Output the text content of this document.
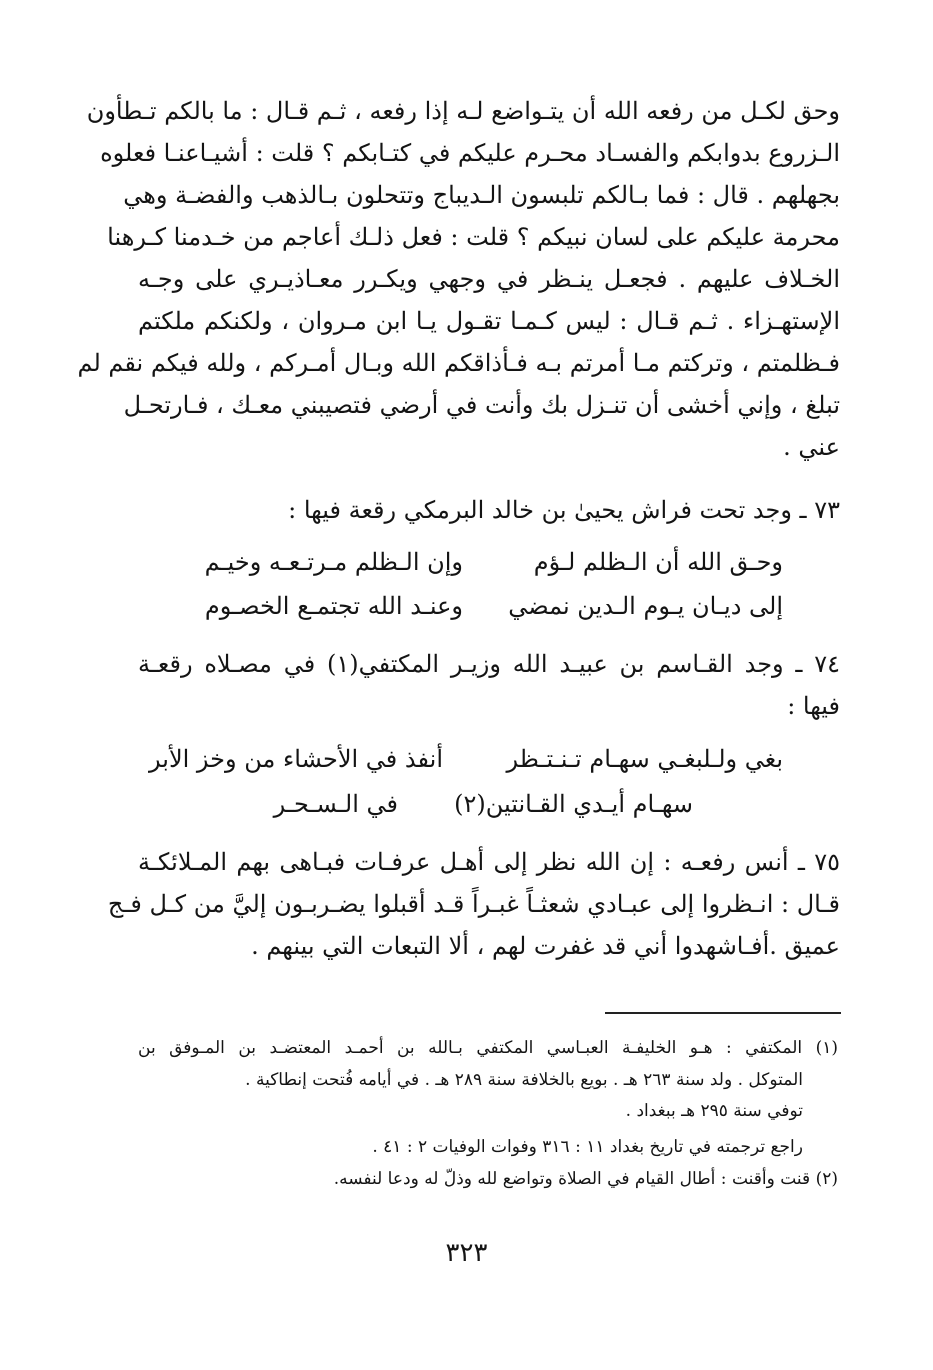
وحق لكـل من رفعه الله أن يتـواضع لـه إذا رفعه ، ثـم قـال : ما بالكم تـطأون
الـزروع بدوابكم والفسـاد محـرم عليكم في كتـابكم ؟ قلت : أشيـاعنـا فعلوه
بجهلهم . قال : فما بـالكم تلبسون الـديباج وتتحلون بـالذهب والفضـة وهي
محرمة عليكم على لسان نبيكم ؟ قلت : فعل ذلـك أعاجم من خـدمنا كـرهنا
الخـلاف عليهم . فجعـل ينـظر في وجهي ويكـرر معـاذيـري على وجـه
الإستهـزاء . ثـم قـال : ليس كـمـا تقـول يـا ابن مـروان ، ولكنكم ملكتم
فـظلمتم ، وتركتم مـا أمرتم بـه فـأذاقكم الله وبـال أمـركم ، ولله فيكم نقم لم
تبلغ ، وإني أخشى أن تنـزل بك وأنت في أرضي فتصيبني معـك ، فـارتحـل
عني .
٧٣ ـ وجد تحت فراش يحيىٰ بن خالد البرمكي رقعة فيها :
وحـق الله أن الـظلم لـؤم
وإن الـظلم مـرتـعـه وخيـم
إلى ديـان يـوم الـدين نمضي
وعنـد الله تجتمـع الخصـوم
٧٤ ـ وجد القـاسم بن عبيـد الله وزيـر المكتفي(١) في مصـلاه رقعـة
فيها :
بغي ولـلبغـي سهـام تـنـتـظر
أنفذ في الأحشاء من وخز الأبر
سهـام أيـدي القـانتين(٢)
في الـسـحـر
٧٥ ـ أنس رفعـه : إن الله نظر إلى أهـل عرفـات فبـاهى بهم المـلائكـة
قـال : انـظروا إلى عبـادي شعثـاً غبـراً قـد أقبلوا يضـربـون إليَّ من كـل فـج
عميق .أفـاشهدوا أني قد غفرت لهم ، ألا التبعات التي بينهم .
(١) المكتفي : هـو الخليفـة العبـاسي المكتفي بـالله بن أحمـد المعتضـد بن المـوفق بن
المتوكل . ولد سنة ٢٦٣ هـ . بويع بالخلافة سنة ٢٨٩ هـ . في أيامه فُتحت إنطاكية .
توفي سنة ٢٩٥ هـ ببغداد .
راجع ترجمته في تاريخ بغداد ١١ : ٣١٦ وفوات الوفيات ٢ : ٤١ .
(٢) قنت وأقنت : أطال القيام في الصلاة وتواضع لله وذلّ له ودعا لنفسه.
٣٢٣
